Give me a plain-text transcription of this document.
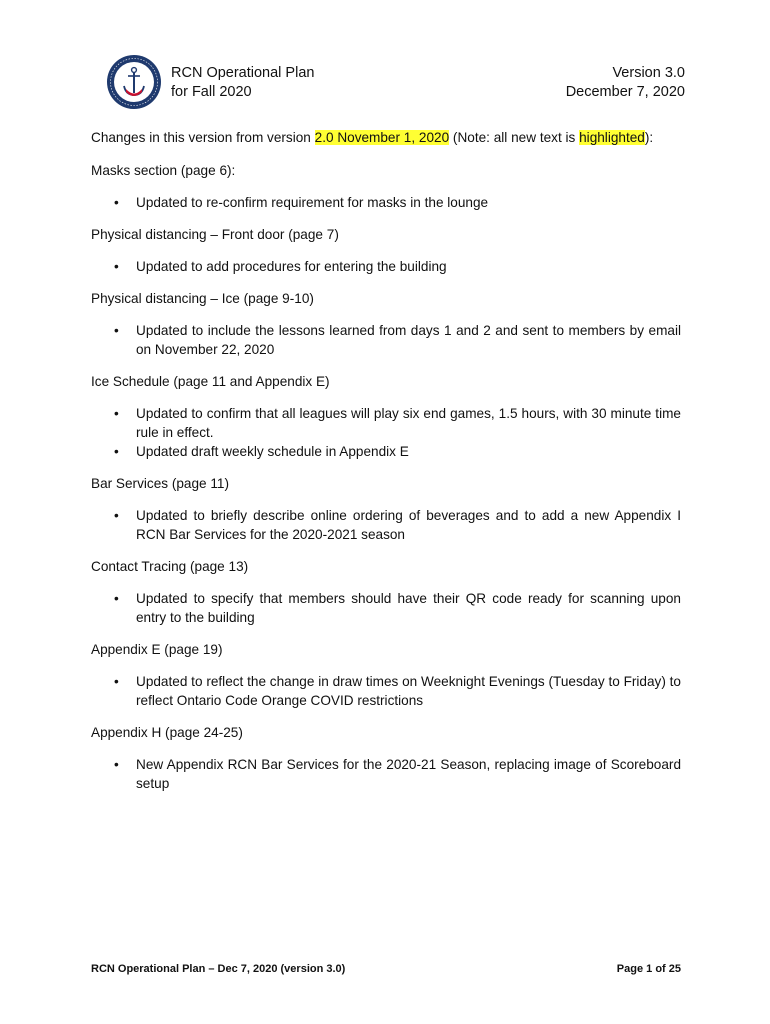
RCN Operational Plan
for Fall 2020
Version 3.0
December 7, 2020

Changes in this version from version 2.0 November 1, 2020 (Note: all new text is highlighted):

Masks section (page 6):

• Updated to re-confirm requirement for masks in the lounge

Physical distancing – Front door (page 7)

• Updated to add procedures for entering the building

Physical distancing – Ice (page 9-10)

• Updated to include the lessons learned from days 1 and 2 and sent to members by email on November 22, 2020

Ice Schedule (page 11 and Appendix E)

• Updated to confirm that all leagues will play six end games, 1.5 hours, with 30 minute time rule in effect.
• Updated draft weekly schedule in Appendix E

Bar Services (page 11)

• Updated to briefly describe online ordering of beverages and to add a new Appendix I RCN Bar Services for the 2020-2021 season

Contact Tracing (page 13)

• Updated to specify that members should have their QR code ready for scanning upon entry to the building

Appendix E (page 19)

• Updated to reflect the change in draw times on Weeknight Evenings (Tuesday to Friday) to reflect Ontario Code Orange COVID restrictions

Appendix H (page 24-25)

• New Appendix RCN Bar Services for the 2020-21 Season, replacing image of Scoreboard setup
RCN Operational Plan – Dec 7, 2020 (version 3.0)	Page 1 of 25
